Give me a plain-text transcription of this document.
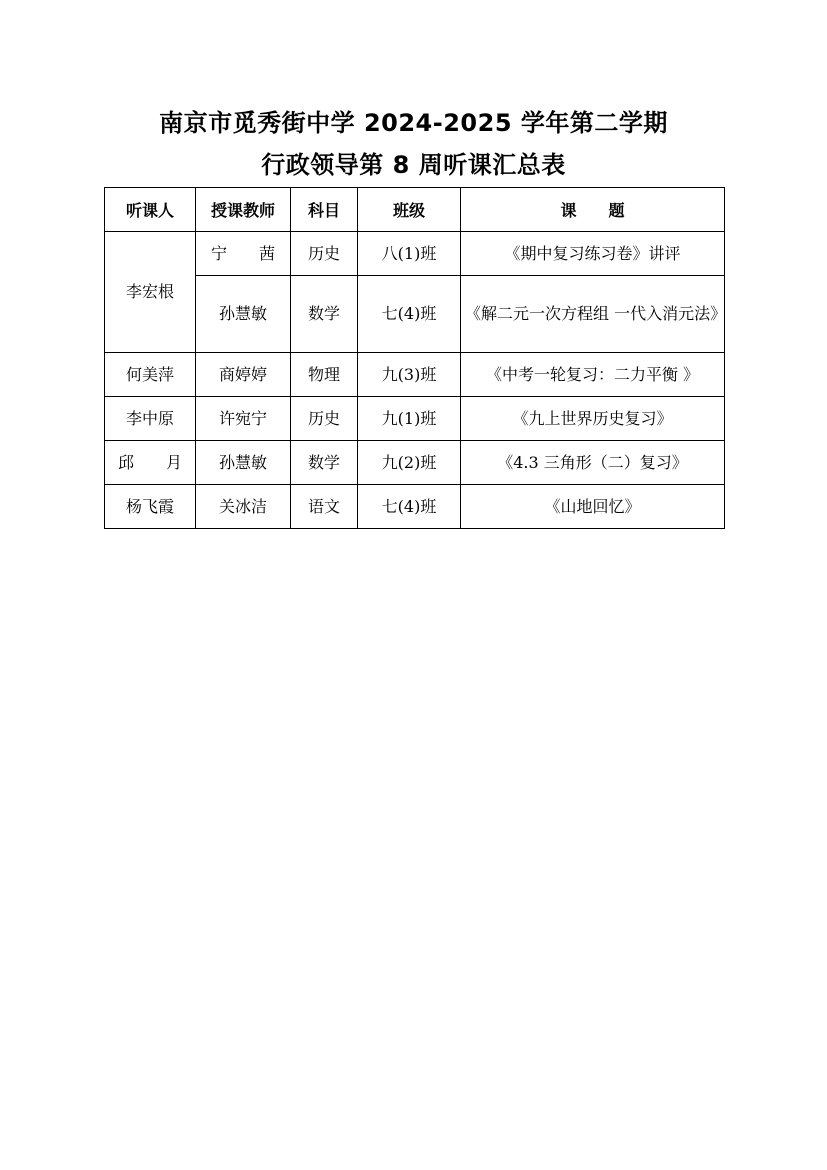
南京市觅秀街中学 2024-2025 学年第二学期
行政领导第 8 周听课汇总表
听课人	授课教师	科目	班级	课　　题
李宏根	宁　　茜	历史	八(1)班	《期中复习练习卷》讲评
	孙慧敏	数学	七(4)班	《解二元一次方程组 一代入消元法》
何美萍	商婷婷	物理	九(3)班	《中考一轮复习：二力平衡 》
李中原	许宛宁	历史	九(1)班	《九上世界历史复习》
邱　　月	孙慧敏	数学	九(2)班	《4.3 三角形（二）复习》
杨飞霞	关冰洁	语文	七(4)班	《山地回忆》
